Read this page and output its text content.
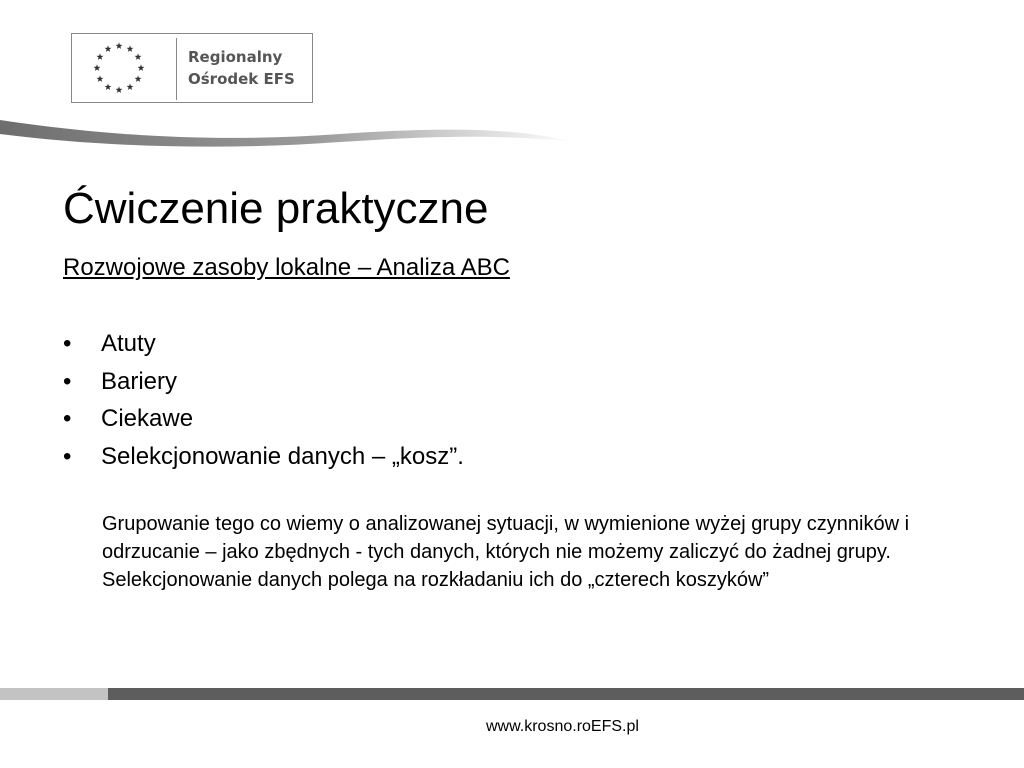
Regionalny
Ośrodek EFS
Ćwiczenie praktyczne

Rozwojowe zasoby lokalne – Analiza ABC

• Atuty
• Bariery
• Ciekawe
• Selekcjonowanie danych – „kosz”.

Grupowanie tego co wiemy o analizowanej sytuacji, w wymienione wyżej grupy czynników i odrzucanie – jako zbędnych - tych danych, których nie możemy zaliczyć do żadnej grupy. Selekcjonowanie danych polega na rozkładaniu ich do „czterech koszyków”

www.krosno.roEFS.pl
